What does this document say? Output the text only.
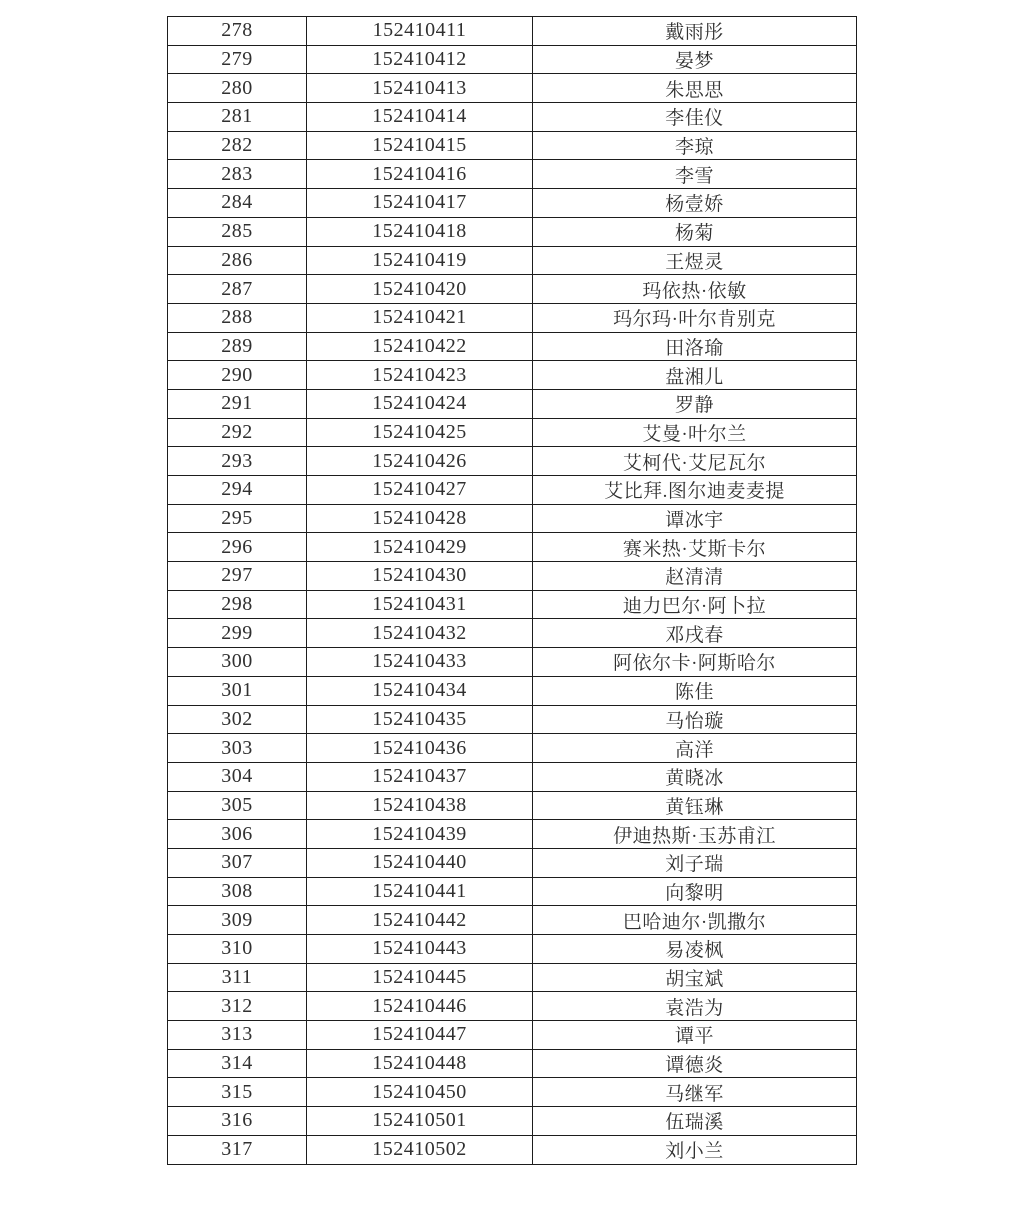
278	152410411	戴雨彤
279	152410412	晏梦
280	152410413	朱思思
281	152410414	李佳仪
282	152410415	李琼
283	152410416	李雪
284	152410417	杨壹娇
285	152410418	杨菊
286	152410419	王煜灵
287	152410420	玛依热·依敏
288	152410421	玛尔玛·叶尔肯别克
289	152410422	田洛瑜
290	152410423	盘湘儿
291	152410424	罗静
292	152410425	艾曼·叶尔兰
293	152410426	艾柯代·艾尼瓦尔
294	152410427	艾比拜.图尔迪麦麦提
295	152410428	谭冰宇
296	152410429	赛米热·艾斯卡尔
297	152410430	赵清清
298	152410431	迪力巴尔·阿卜拉
299	152410432	邓戌春
300	152410433	阿依尔卡·阿斯哈尔
301	152410434	陈佳
302	152410435	马怡璇
303	152410436	高洋
304	152410437	黄晓冰
305	152410438	黄钰琳
306	152410439	伊迪热斯·玉苏甫江
307	152410440	刘子瑞
308	152410441	向黎明
309	152410442	巴哈迪尔·凯撒尔
310	152410443	易凌枫
311	152410445	胡宝斌
312	152410446	袁浩为
313	152410447	谭平
314	152410448	谭德炎
315	152410450	马继军
316	152410501	伍瑞溪
317	152410502	刘小兰
